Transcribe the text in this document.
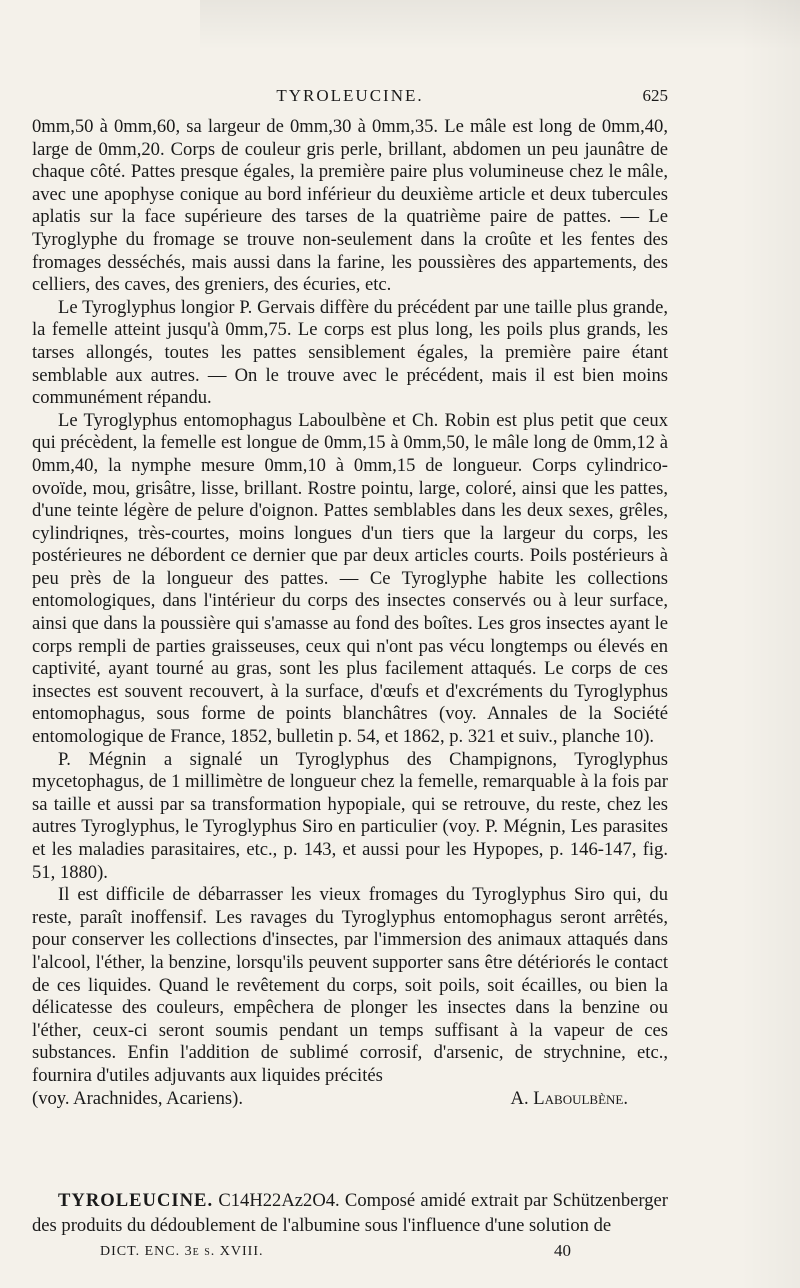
TYROLEUCINE.	625

0mm,50 à 0mm,60, sa largeur de 0mm,30 à 0mm,35. Le mâle est long de 0mm,40, large de 0mm,20. Corps de couleur gris perle, brillant, abdomen un peu jaunâtre de chaque côté. Pattes presque égales, la première paire plus volumineuse chez le mâle, avec une apophyse conique au bord inférieur du deuxième article et deux tubercules aplatis sur la face supérieure des tarses de la quatrième paire de pattes. — Le Tyroglyphe du fromage se trouve non-seulement dans la croûte et les fentes des fromages desséchés, mais aussi dans la farine, les poussières des appartements, des celliers, des caves, des greniers, des écuries, etc.

Le Tyroglyphus longior P. Gervais diffère du précédent par une taille plus grande, la femelle atteint jusqu'à 0mm,75. Le corps est plus long, les poils plus grands, les tarses allongés, toutes les pattes sensiblement égales, la première paire étant semblable aux autres. — On le trouve avec le précédent, mais il est bien moins communément répandu.

Le Tyroglyphus entomophagus Laboulbène et Ch. Robin est plus petit que ceux qui précèdent, la femelle est longue de 0mm,15 à 0mm,50, le mâle long de 0mm,12 à 0mm,40, la nymphe mesure 0mm,10 à 0mm,15 de longueur. Corps cylindrico-ovoïde, mou, grisâtre, lisse, brillant. Rostre pointu, large, coloré, ainsi que les pattes, d'une teinte légère de pelure d'oignon. Pattes semblables dans les deux sexes, grêles, cylindriqnes, très-courtes, moins longues d'un tiers que la largeur du corps, les postérieures ne débordent ce dernier que par deux articles courts. Poils postérieurs à peu près de la longueur des pattes. — Ce Tyroglyphe habite les collections entomologiques, dans l'intérieur du corps des insectes conservés ou à leur surface, ainsi que dans la poussière qui s'amasse au fond des boîtes. Les gros insectes ayant le corps rempli de parties graisseuses, ceux qui n'ont pas vécu longtemps ou élevés en captivité, ayant tourné au gras, sont les plus facilement attaqués. Le corps de ces insectes est souvent recouvert, à la surface, d'œufs et d'excréments du Tyroglyphus entomophagus, sous forme de points blanchâtres (voy. Annales de la Société entomologique de France, 1852, bulletin p. 54, et 1862, p. 321 et suiv., planche 10).

P. Mégnin a signalé un Tyroglyphus des Champignons, Tyroglyphus mycetophagus, de 1 millimètre de longueur chez la femelle, remarquable à la fois par sa taille et aussi par sa transformation hypopiale, qui se retrouve, du reste, chez les autres Tyroglyphus, le Tyroglyphus Siro en particulier (voy. P. Mégnin, Les parasites et les maladies parasitaires, etc., p. 143, et aussi pour les Hypopes, p. 146-147, fig. 51, 1880).

Il est difficile de débarrasser les vieux fromages du Tyroglyphus Siro qui, du reste, paraît inoffensif. Les ravages du Tyroglyphus entomophagus seront arrêtés, pour conserver les collections d'insectes, par l'immersion des animaux attaqués dans l'alcool, l'éther, la benzine, lorsqu'ils peuvent supporter sans être détériorés le contact de ces liquides. Quand le revêtement du corps, soit poils, soit écailles, ou bien la délicatesse des couleurs, empêchera de plonger les insectes dans la benzine ou l'éther, ceux-ci seront soumis pendant un temps suffisant à la vapeur de ces substances. Enfin l'addition de sublimé corrosif, d'arsenic, de strychnine, etc., fournira d'utiles adjuvants aux liquides précités

(voy. Arachnides, Acariens).	A. Laboulbène.

TYROLEUCINE. C14H22Az2O4. Composé amidé extrait par Schützenberger des produits du dédoublement de l'albumine sous l'influence d'une solution de

DICT. ENC. 3e s. XVIII.	40
